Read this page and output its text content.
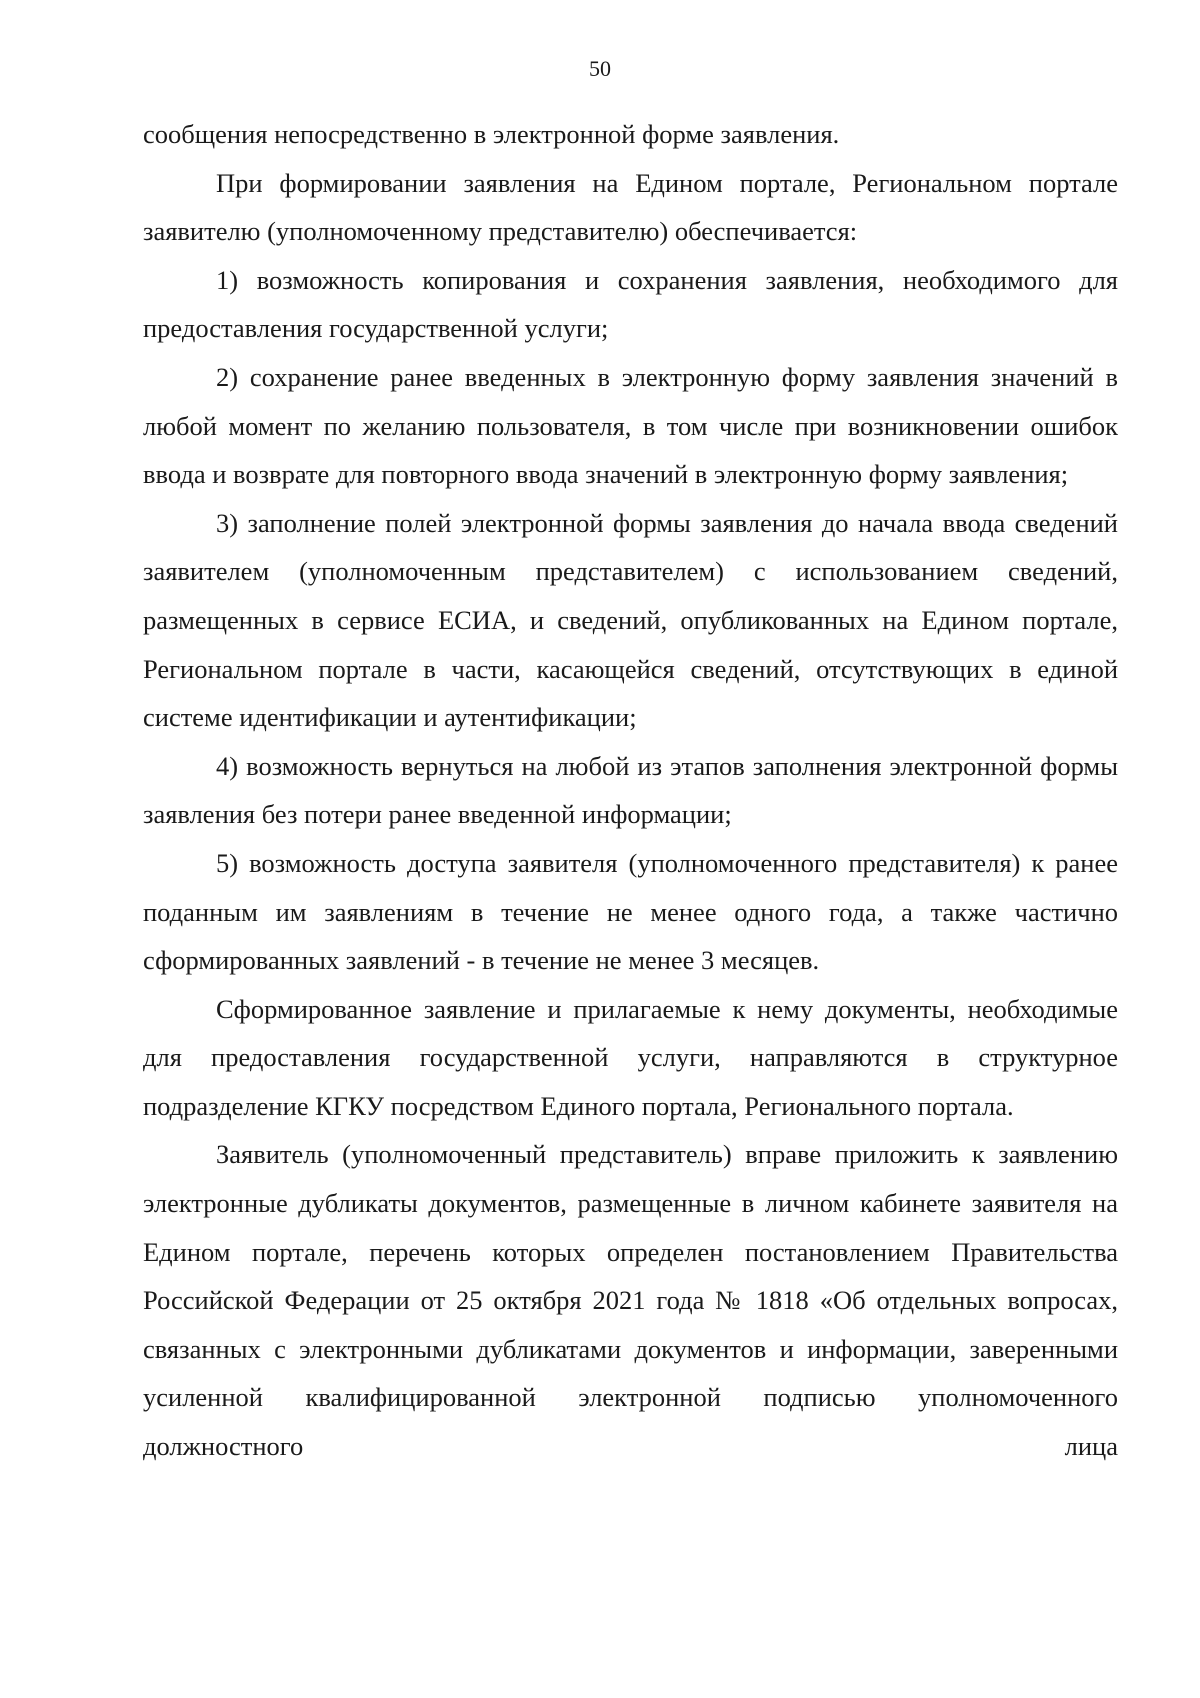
50

сообщения непосредственно в электронной форме заявления.

При формировании заявления на Едином портале, Региональном портале заявителю (уполномоченному представителю) обеспечивается:

1) возможность копирования и сохранения заявления, необходимого для предоставления государственной услуги;

2) сохранение ранее введенных в электронную форму заявления значений в любой момент по желанию пользователя, в том числе при возникновении ошибок ввода и возврате для повторного ввода значений в электронную форму заявления;

3) заполнение полей электронной формы заявления до начала ввода сведений заявителем (уполномоченным представителем) с использованием сведений, размещенных в сервисе ЕСИА, и сведений, опубликованных на Едином портале, Региональном портале в части, касающейся сведений, отсутствующих в единой системе идентификации и аутентификации;

4) возможность вернуться на любой из этапов заполнения электронной формы заявления без потери ранее введенной информации;

5) возможность доступа заявителя (уполномоченного представителя) к ранее поданным им заявлениям в течение не менее одного года, а также частично сформированных заявлений - в течение не менее 3 месяцев.

Сформированное заявление и прилагаемые к нему документы, необходимые для предоставления государственной услуги, направляются в структурное подразделение КГКУ посредством Единого портала, Регионального портала.

Заявитель (уполномоченный представитель) вправе приложить к заявлению электронные дубликаты документов, размещенные в личном кабинете заявителя на Едином портале, перечень которых определен постановлением Правительства Российской Федерации от 25 октября 2021 года № 1818 «Об отдельных вопросах, связанных с электронными дубликатами документов и информации, заверенными усиленной квалифицированной электронной подписью уполномоченного должностного лица
